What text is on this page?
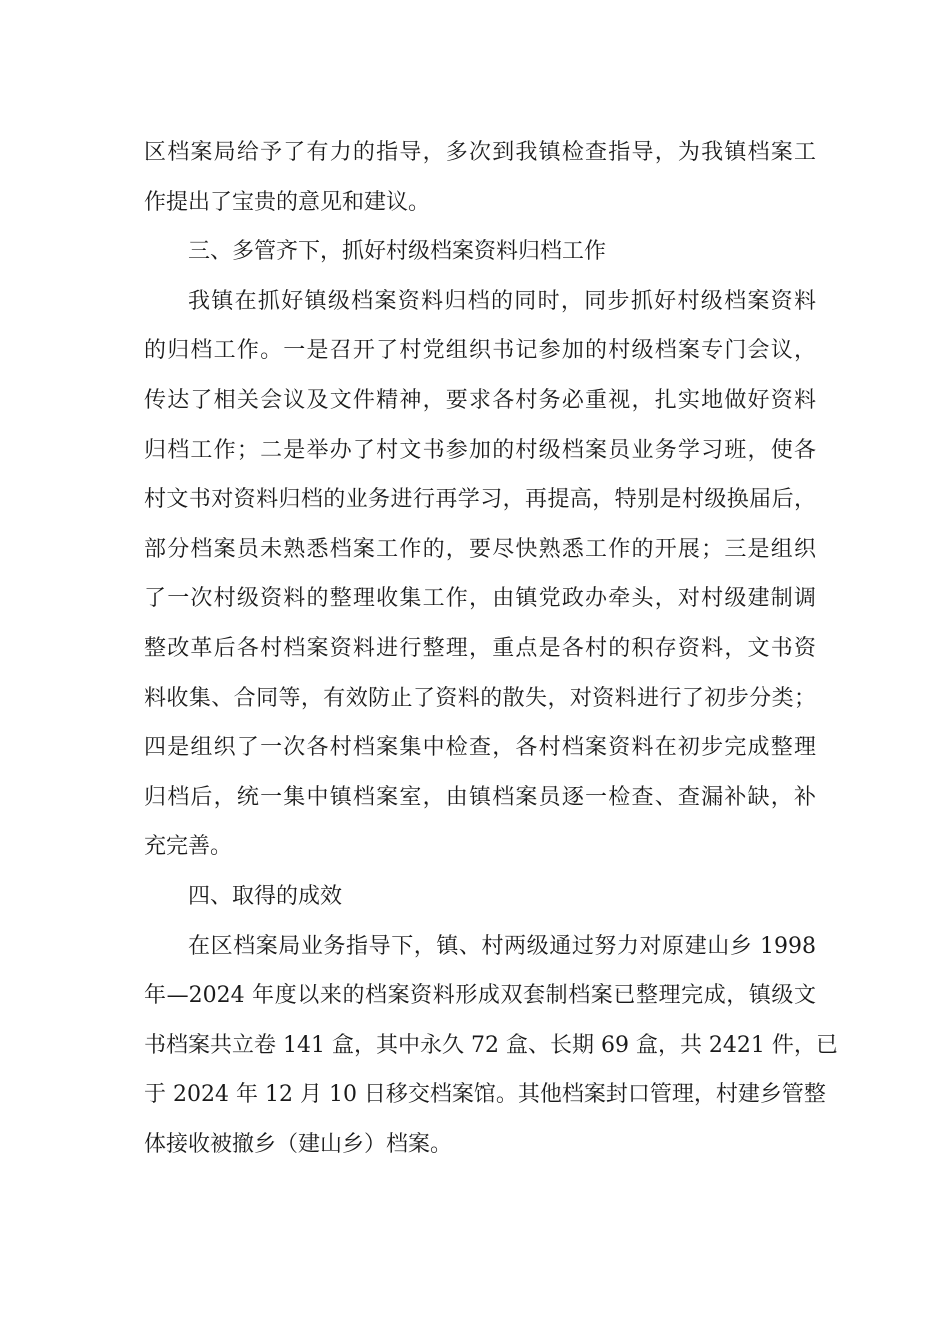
区档案局给予了有力的指导，多次到我镇检查指导，为我镇档案工
作提出了宝贵的意见和建议。
三、多管齐下，抓好村级档案资料归档工作
我镇在抓好镇级档案资料归档的同时，同步抓好村级档案资料
的归档工作。一是召开了村党组织书记参加的村级档案专门会议，
传达了相关会议及文件精神，要求各村务必重视，扎实地做好资料
归档工作；二是举办了村文书参加的村级档案员业务学习班，使各
村文书对资料归档的业务进行再学习，再提高，特别是村级换届后，
部分档案员未熟悉档案工作的，要尽快熟悉工作的开展；三是组织
了一次村级资料的整理收集工作，由镇党政办牵头，对村级建制调
整改革后各村档案资料进行整理，重点是各村的积存资料，文书资
料收集、合同等，有效防止了资料的散失，对资料进行了初步分类；
四是组织了一次各村档案集中检查，各村档案资料在初步完成整理
归档后，统一集中镇档案室，由镇档案员逐一检查、查漏补缺，补
充完善。
四、取得的成效
在区档案局业务指导下，镇、村两级通过努力对原建山乡 1998
年—2024 年度以来的档案资料形成双套制档案已整理完成，镇级文
书档案共立卷 141 盒，其中永久 72 盒、长期 69 盒，共 2421 件，已
于 2024 年 12 月 10 日移交档案馆。其他档案封口管理，村建乡管整
体接收被撤乡（建山乡）档案。
